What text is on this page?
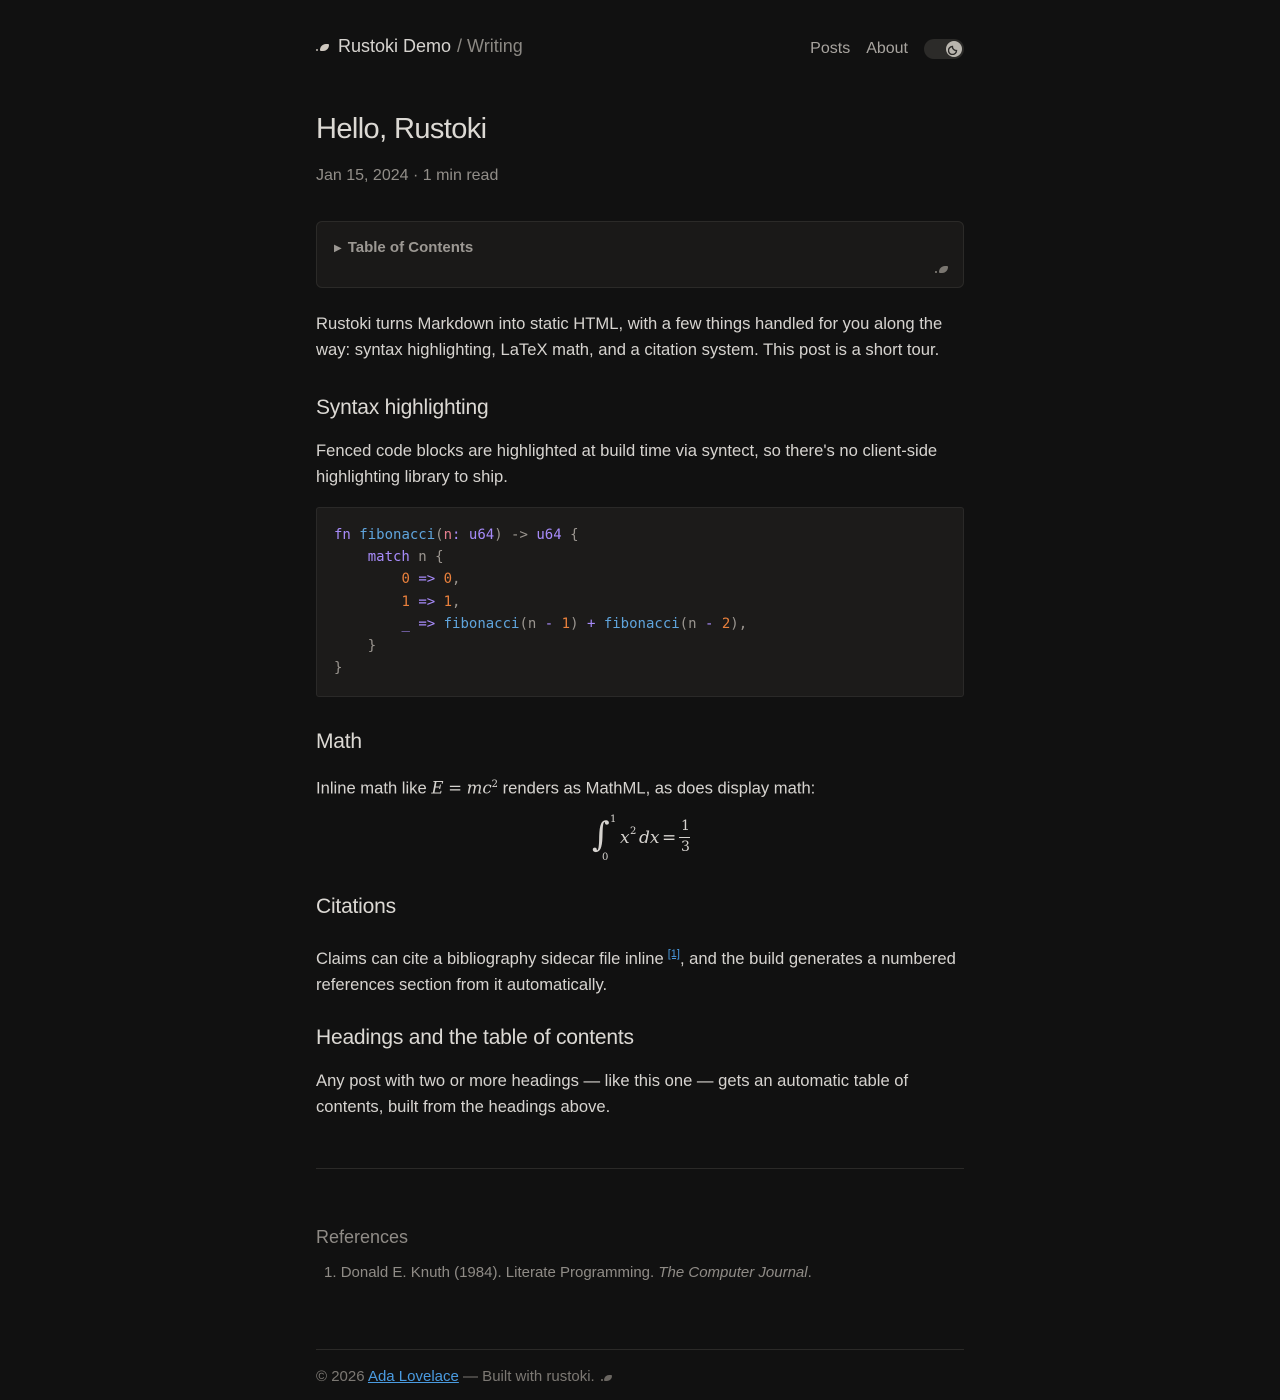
Rustoki Demo / Writing	Posts About
Hello, Rustoki
Jan 15, 2024 · 1 min read
▶ Table of Contents

Rustoki turns Markdown into static HTML, with a few things handled for you along the way: syntax highlighting, LaTeX math, and a citation system. This post is a short tour.

Syntax highlighting

Fenced code blocks are highlighted at build time via syntect, so there's no client-side highlighting library to ship.

fn fibonacci(n: u64) -> u64 {
match n {
0 => 0,
1 => 1,
_ => fibonacci(n - 1) + fibonacci(n - 2),
}
}
Math

Inline math like $E = mc^2$ renders as MathML, as does display math:

∫ 1
0
x 2 dx =
1
3
Citations

Claims can cite a bibliography sidecar file inline [1], and the build generates a numbered references section from it automatically.

Headings and the table of contents

Any post with two or more headings — like this one — gets an automatic table of contents, built from the headings above.

References
1. Donald E. Knuth (1984). Literate Programming. The Computer Journal.
© 2026 Ada Lovelace — Built with rustoki.
